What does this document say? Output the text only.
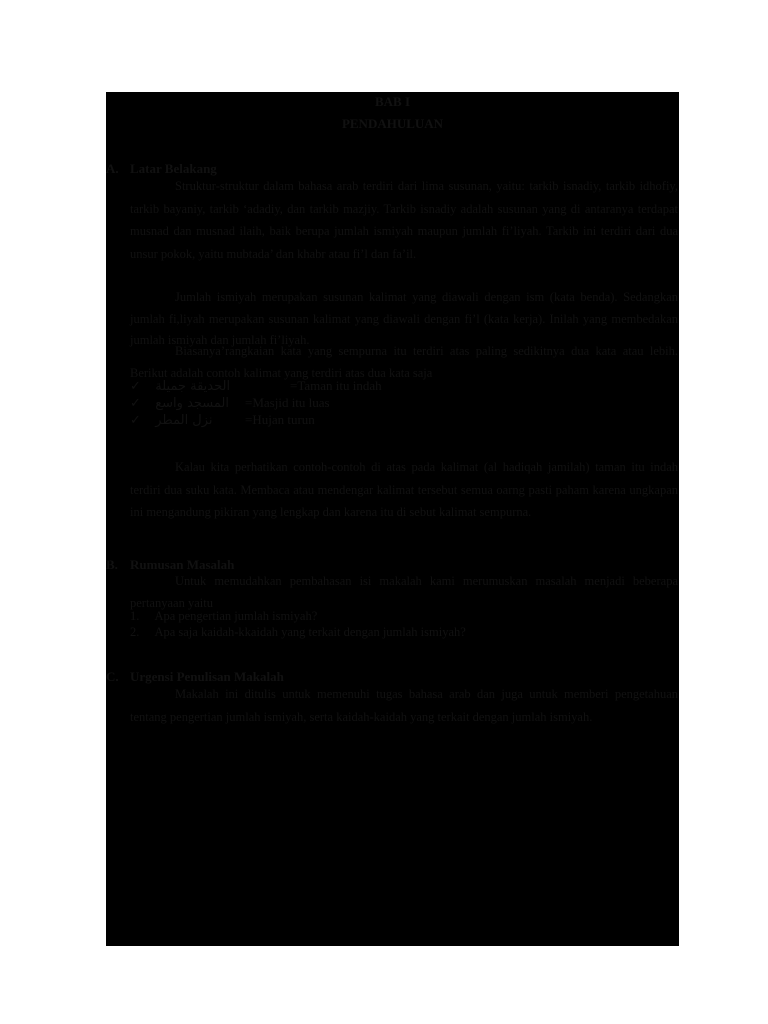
BAB I
PENDAHULUAN
A. Latar Belakang
Struktur-struktur dalam bahasa arab terdiri dari lima susunan, yaitu: tarkib isnadiy, tarkib idhofiy, tarkib bayaniy, tarkib ‘adadiy, dan tarkib mazjiy. Tarkib isnadiy adalah susunan yang di antaranya terdapat musnad dan musnad ilaih, baik berupa jumlah ismiyah maupun jumlah fi’liyah. Tarkib ini terdiri dari dua unsur pokok, yaitu mubtada’ dan khabr atau fi’l dan fa’il.
Jumlah ismiyah merupakan susunan kalimat yang diawali dengan ism (kata benda). Sedangkan jumlah fi,liyah merupakan susunan kalimat yang diawali dengan fi’l (kata kerja). Inilah yang membedakan jumlah ismiyah dan jumlah fi’liyah.
Biasanya’rangkaian kata yang sempurna itu terdiri atas paling sedikitnya dua kata atau lebih. Berikut adalah contoh kalimat yang terdiri atas dua kata saja
✓ الحديقة جميلة	=Taman itu indah
✓ المسجد واسع =Masjid itu luas
✓ نزل المطر =Hujan turun
Kalau kita perhatikan contoh-contoh di atas pada kalimat (al hadiqah jamilah) taman itu indah terdiri dua suku kata. Membaca atau mendengar kalimat tersebut semua oarng pasti paham karena ungkapan ini mengandung pikiran yang lengkap dan karena itu di sebut kalimat sempurna.
B. Rumusan Masalah
Untuk memudahkan pembahasan isi makalah kami merumuskan masalah menjadi beberapa pertanyaan yaitu
1. Apa pengertian jumlah ismiyah?
2. Apa saja kaidah-kkaidah yang terkait dengan jumlah ismiyah?
C. Urgensi Penulisan Makalah
Makalah ini ditulis untuk memenuhi tugas bahasa arab dan juga untuk memberi pengetahuan tentang pengertian jumlah ismiyah, serta kaidah-kaidah yang terkait dengan jumlah ismiyah.
